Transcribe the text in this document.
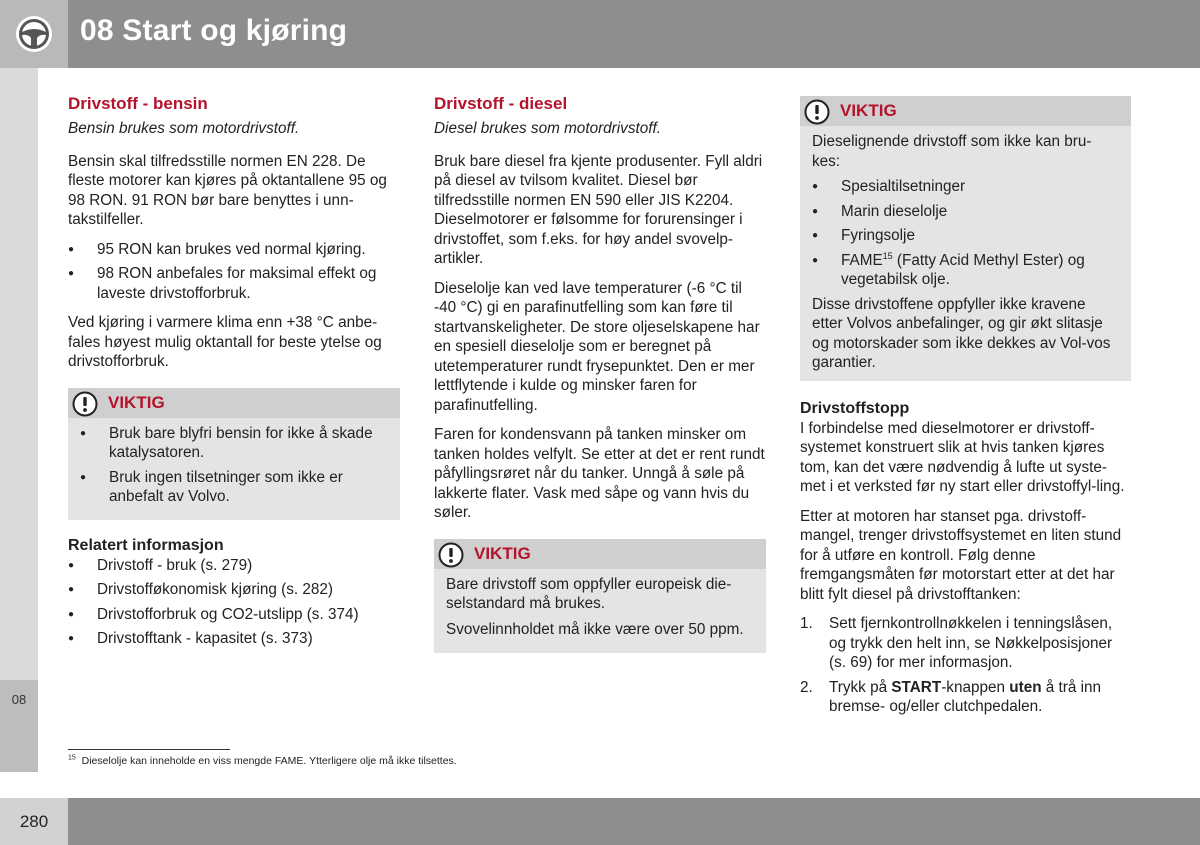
08 Start og kjøring
08
Drivstoff - bensin
Bensin brukes som motordrivstoff.

Bensin skal tilfredsstille normen EN 228. De fleste motorer kan kjøres på oktantallene 95 og 98 RON. 91 RON bør bare benyttes i unn-takstilfeller.

● 95 RON kan brukes ved normal kjøring.
● 98 RON anbefales for maksimal effekt og laveste drivstofforbruk.

Ved kjøring i varmere klima enn +38 °C anbe-fales høyest mulig oktantall for beste ytelse og drivstofforbruk.

VIKTIG
● Bruk bare blyfri bensin for ikke å skade katalysatoren.
● Bruk ingen tilsetninger som ikke er anbefalt av Volvo.
Relatert informasjon
● Drivstoff - bruk (s. 279)
● Drivstofføkonomisk kjøring (s. 282)
● Drivstofforbruk og CO2-utslipp (s. 374)
● Drivstofftank - kapasitet (s. 373)
Drivstoff - diesel
Diesel brukes som motordrivstoff.

Bruk bare diesel fra kjente produsenter. Fyll aldri på diesel av tvilsom kvalitet. Diesel bør tilfredsstille normen EN 590 eller JIS K2204. Dieselmotorer er følsomme for forurensinger i drivstoffet, som f.eks. for høy andel svovelp-artikler.

Dieselolje kan ved lave temperaturer (-6 °C til -40 °C) gi en parafinutfelling som kan føre til startvanskeligheter. De store oljeselskapene har en spesiell dieselolje som er beregnet på utetemperaturer rundt frysepunktet. Den er mer lettflytende i kulde og minsker faren for parafinutfelling.

Faren for kondensvann på tanken minsker om tanken holdes velfylt. Se etter at det er rent rundt påfyllingsrøret når du tanker. Unngå å søle på lakkerte flater. Vask med såpe og vann hvis du søler.

VIKTIG

Bare drivstoff som oppfyller europeisk die-selstandard må brukes.

Svovelinnholdet må ikke være over 50 ppm.

VIKTIG

Dieselignende drivstoff som ikke kan bru-kes:

● Spesialtilsetninger
● Marin dieselolje
● Fyringsolje
● FAME$^{15}$ (Fatty Acid Methyl Ester) og vegetabilsk olje.

Disse drivstoffene oppfyller ikke kravene etter Volvos anbefalinger, og gir økt slitasje og motorskader som ikke dekkes av Vol-vos garantier.

Drivstoffstopp

I forbindelse med dieselmotorer er drivstoff-systemet konstruert slik at hvis tanken kjøres tom, kan det være nødvendig å lufte ut syste-met i et verksted før ny start eller drivstoffyl-ling.

Etter at motoren har stanset pga. drivstoff-mangel, trenger drivstoffsystemet en liten stund for å utføre en kontroll. Følg denne fremgangsmåten før motorstart etter at det har blitt fylt diesel på drivstofftanken:

1. Sett fjernkontrollnøkkelen i tenningslåsen, og trykk den helt inn, se Nøkkelposisjoner (s. 69) for mer informasjon.
2. Trykk på START-knappen uten å trå inn bremse- og/eller clutchpedalen.
$^{15}$ Dieselolje kan inneholde en viss mengde FAME. Ytterligere olje må ikke tilsettes.
280
